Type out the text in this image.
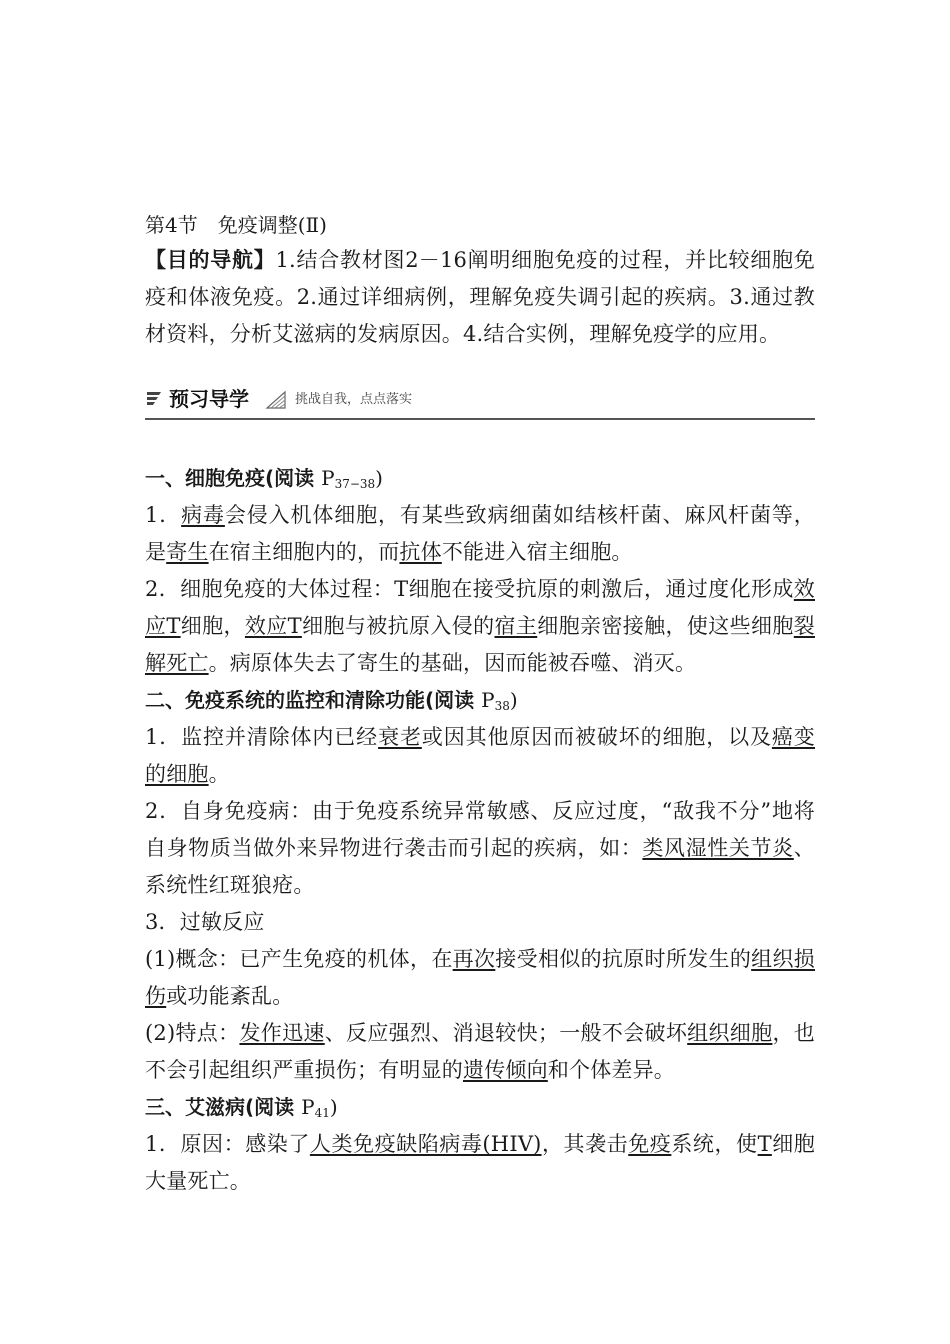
第4节　免疫调整(Ⅱ)
【目的导航】1.结合教材图2－16阐明细胞免疫的过程，并比较细胞免疫和体液免疫。2.通过详细病例，理解免疫失调引起的疾病。3.通过教材资料，分析艾滋病的发病原因。4.结合实例，理解免疫学的应用。
预习导学	挑战自我，点点落实
一、细胞免疫(阅读 $P_{37-38}$)
1．病毒会侵入机体细胞，有某些致病细菌如结核杆菌、麻风杆菌等，是寄生在宿主细胞内的，而抗体不能进入宿主细胞。
2．细胞免疫的大体过程：T细胞在接受抗原的刺激后，通过度化形成效应T细胞，效应T细胞与被抗原入侵的宿主细胞亲密接触，使这些细胞裂解死亡。病原体失去了寄生的基础，因而能被吞噬、消灭。
二、免疫系统的监控和清除功能(阅读 $P_{38}$)
1．监控并清除体内已经衰老或因其他原因而被破坏的细胞，以及癌变的细胞。
2．自身免疫病：由于免疫系统异常敏感、反应过度，“敌我不分”地将自身物质当做外来异物进行袭击而引起的疾病，如：类风湿性关节炎、系统性红斑狼疮。
3．过敏反应
(1)概念：已产生免疫的机体，在再次接受相似的抗原时所发生的组织损伤或功能紊乱。
(2)特点：发作迅速、反应强烈、消退较快；一般不会破坏组织细胞，也不会引起组织严重损伤；有明显的遗传倾向和个体差异。
三、艾滋病(阅读 $P_{41}$)
1．原因：感染了人类免疫缺陷病毒(HIV)，其袭击免疫系统，使T细胞大量死亡。
